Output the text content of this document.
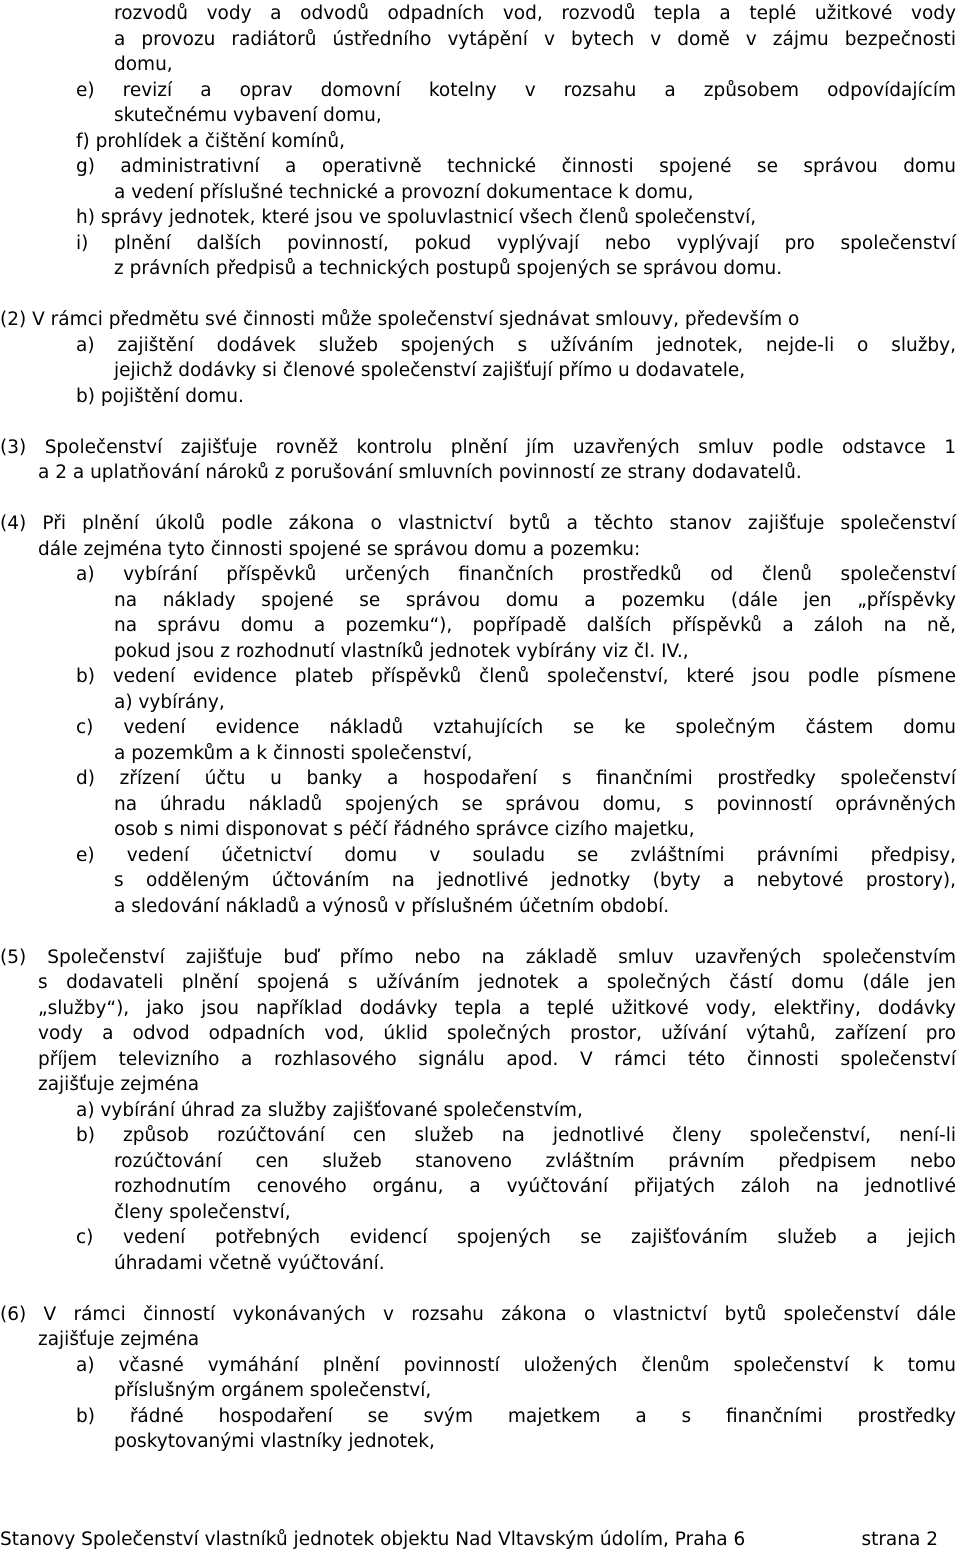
rozvodů vody a odvodů odpadních vod, rozvodů tepla a teplé užitkové vody
a provozu radiátorů ústředního vytápění v bytech v domě v zájmu bezpečnosti
domu,
e) revizí a oprav domovní kotelny v rozsahu a způsobem odpovídajícím
skutečnému vybavení domu,
f) prohlídek a čištění komínů,
g) administrativní a operativně technické činnosti spojené se správou domu
a vedení příslušné technické a provozní dokumentace k domu,
h) správy jednotek, které jsou ve spoluvlastnicí všech členů společenství,
i) plnění dalších povinností, pokud vyplývají nebo vyplývají pro společenství
z právních předpisů a technických postupů spojených se správou domu.
(2) V rámci předmětu své činnosti může společenství sjednávat smlouvy, především o
a) zajištění dodávek služeb spojených s užíváním jednotek, nejde-li o služby,
jejichž dodávky si členové společenství zajišťují přímo u dodavatele,
b) pojištění domu.
(3) Společenství zajišťuje rovněž kontrolu plnění jím uzavřených smluv podle odstavce 1
a 2 a uplatňování nároků z porušování smluvních povinností ze strany dodavatelů.
(4) Při plnění úkolů podle zákona o vlastnictví bytů a těchto stanov zajišťuje společenství
dále zejména tyto činnosti spojené se správou domu a pozemku:
a) vybírání příspěvků určených finančních prostředků od členů společenství
na náklady spojené se správou domu a pozemku (dále jen „příspěvky
na správu domu a pozemku“), popřípadě dalších příspěvků a záloh na ně,
pokud jsou z rozhodnutí vlastníků jednotek vybírány viz čl. IV.,
b) vedení evidence plateb příspěvků členů společenství, které jsou podle písmene
a) vybírány,
c) vedení evidence nákladů vztahujících se ke společným částem domu
a pozemkům a k činnosti společenství,
d) zřízení účtu u banky a hospodaření s finančními prostředky společenství
na úhradu nákladů spojených se správou domu, s povinností oprávněných
osob s nimi disponovat s péčí řádného správce cizího majetku,
e) vedení účetnictví domu v souladu se zvláštními právními předpisy,
s odděleným účtováním na jednotlivé jednotky (byty a nebytové prostory),
a sledování nákladů a výnosů v příslušném účetním období.
(5) Společenství zajišťuje buď přímo nebo na základě smluv uzavřených společenstvím
s dodavateli plnění spojená s užíváním jednotek a společných částí domu (dále jen
„služby“), jako jsou například dodávky tepla a teplé užitkové vody, elektřiny, dodávky
vody a odvod odpadních vod, úklid společných prostor, užívání výtahů, zařízení pro
příjem televizního a rozhlasového signálu apod. V rámci této činnosti společenství
zajišťuje zejména
a) vybírání úhrad za služby zajišťované společenstvím,
b) způsob rozúčtování cen služeb na jednotlivé členy společenství, není-li
rozúčtování cen služeb stanoveno zvláštním právním předpisem nebo
rozhodnutím cenového orgánu, a vyúčtování přijatých záloh na jednotlivé
členy společenství,
c) vedení potřebných evidencí spojených se zajišťováním služeb a jejich
úhradami včetně vyúčtování.
(6) V rámci činností vykonávaných v rozsahu zákona o vlastnictví bytů společenství dále
zajišťuje zejména
a) včasné vymáhání plnění povinností uložených členům společenství k tomu
příslušným orgánem společenství,
b) řádné hospodaření se svým majetkem a s finančními prostředky
poskytovanými vlastníky jednotek,
Stanovy Společenství vlastníků jednotek objektu Nad Vltavským údolím, Praha 6	strana 2
